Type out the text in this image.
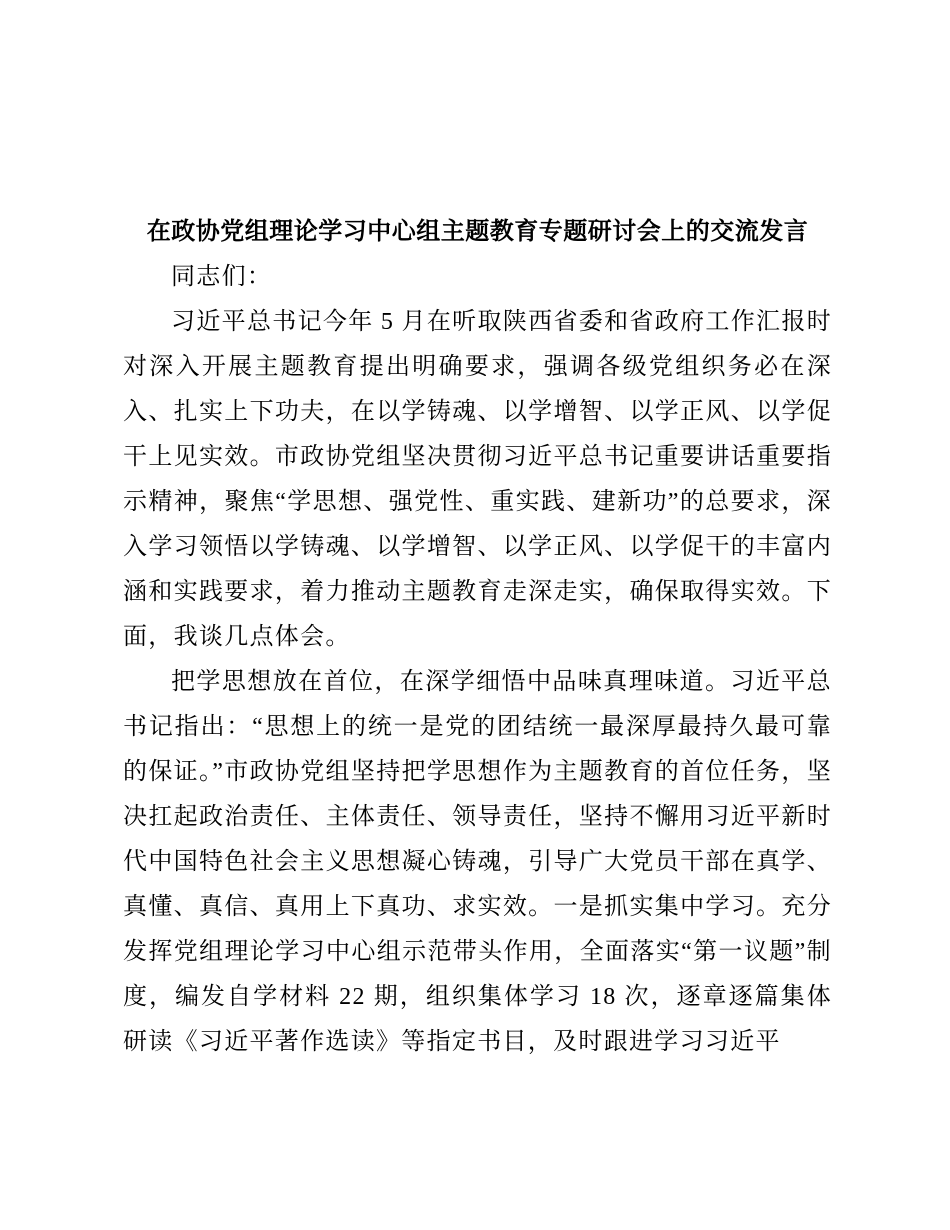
在政协党组理论学习中心组主题教育专题研讨会上的交流发言

同志们：

习近平总书记今年 5 月在听取陕西省委和省政府工作汇报时对深入开展主题教育提出明确要求，强调各级党组织务必在深入、扎实上下功夫，在以学铸魂、以学增智、以学正风、以学促干上见实效。市政协党组坚决贯彻习近平总书记重要讲话重要指示精神，聚焦“学思想、强党性、重实践、建新功”的总要求，深入学习领悟以学铸魂、以学增智、以学正风、以学促干的丰富内涵和实践要求，着力推动主题教育走深走实，确保取得实效。下面，我谈几点体会。

把学思想放在首位，在深学细悟中品味真理味道。习近平总书记指出：“思想上的统一是党的团结统一最深厚最持久最可靠的保证。”市政协党组坚持把学思想作为主题教育的首位任务，坚决扛起政治责任、主体责任、领导责任，坚持不懈用习近平新时代中国特色社会主义思想凝心铸魂，引导广大党员干部在真学、真懂、真信、真用上下真功、求实效。一是抓实集中学习。充分发挥党组理论学习中心组示范带头作用，全面落实“第一议题”制度，编发自学材料 22 期，组织集体学习 18 次，逐章逐篇集体研读《习近平著作选读》等指定书目，及时跟进学习习近平
